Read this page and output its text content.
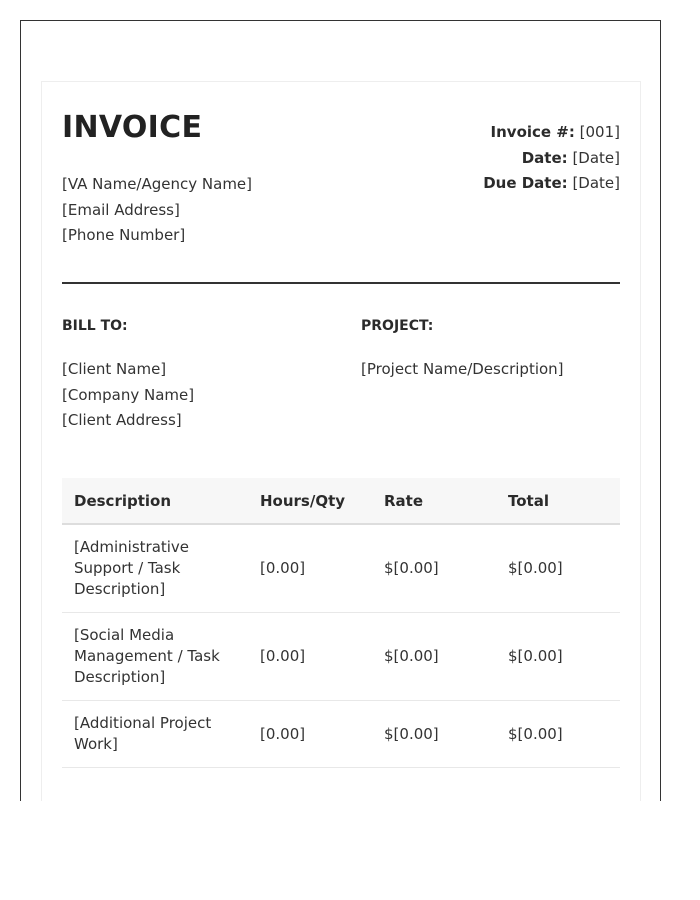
INVOICE
[VA Name/Agency Name]
[Email Address]
[Phone Number]
Invoice #: [001]
Date: [Date]
Due Date: [Date]
BILL TO:	PROJECT:
[Client Name]
[Company Name]
[Client Address]
[Project Name/Description]
Description	Hours/Qty	Rate	Total
[Administrative Support / Task Description]	[0.00]	$[0.00]	$[0.00]
[Social Media Management / Task Description]	[0.00]	$[0.00]	$[0.00]
[Additional Project Work]	[0.00]	$[0.00]	$[0.00]
